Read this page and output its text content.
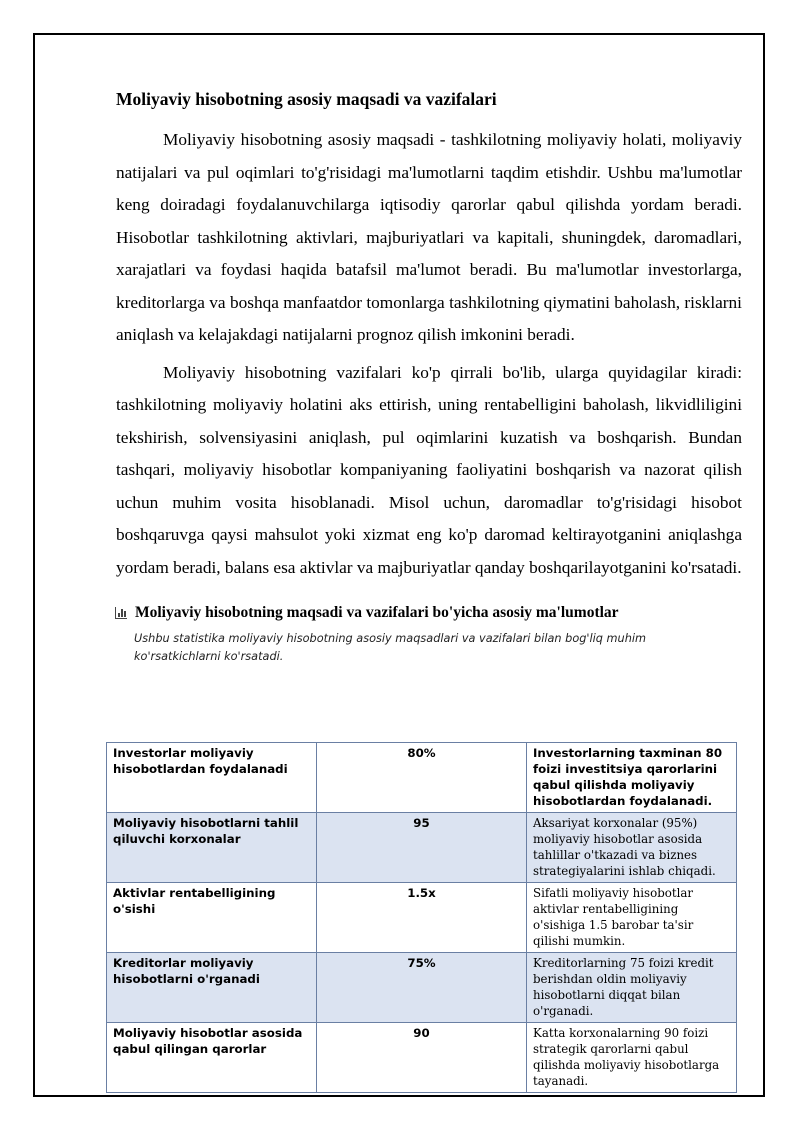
Moliyaviy hisobotning asosiy maqsadi va vazifalari

Moliyaviy hisobotning asosiy maqsadi - tashkilotning moliyaviy holati, moliyaviy natijalari va pul oqimlari to'g'risidagi ma'lumotlarni taqdim etishdir. Ushbu ma'lumotlar keng doiradagi foydalanuvchilarga iqtisodiy qarorlar qabul qilishda yordam beradi. Hisobotlar tashkilotning aktivlari, majburiyatlari va kapitali, shuningdek, daromadlari, xarajatlari va foydasi haqida batafsil ma'lumot beradi. Bu ma'lumotlar investorlarga, kreditorlarga va boshqa manfaatdor tomonlarga tashkilotning qiymatini baholash, risklarni aniqlash va kelajakdagi natijalarni prognoz qilish imkonini beradi.

Moliyaviy hisobotning vazifalari ko'p qirrali bo'lib, ularga quyidagilar kiradi: tashkilotning moliyaviy holatini aks ettirish, uning rentabelligini baholash, likvidliligini tekshirish, solvensiyasini aniqlash, pul oqimlarini kuzatish va boshqarish. Bundan tashqari, moliyaviy hisobotlar kompaniyaning faoliyatini boshqarish va nazorat qilish uchun muhim vosita hisoblanadi. Misol uchun, daromadlar to'g'risidagi hisobot boshqaruvga qaysi mahsulot yoki xizmat eng ko'p daromad keltirayotganini aniqlashga yordam beradi, balans esa aktivlar va majburiyatlar qanday boshqarilayotganini ko'rsatadi.

Moliyaviy hisobotning maqsadi va vazifalari bo'yicha asosiy ma'lumotlar
Ushbu statistika moliyaviy hisobotning asosiy maqsadlari va vazifalari bilan bog'liq muhim ko'rsatkichlarni ko'rsatadi.
Investorlar moliyaviy hisobotlardan foydalanadi	80%	Investorlarning taxminan 80 foizi investitsiya qarorlarini qabul qilishda moliyaviy hisobotlardan foydalanadi.
Moliyaviy hisobotlarni tahlil qiluvchi korxonalar	95	Aksariyat korxonalar (95%) moliyaviy hisobotlar asosida tahlillar o'tkazadi va biznes strategiyalarini ishlab chiqadi.
Aktivlar rentabelligining o'sishi	1.5x	Sifatli moliyaviy hisobotlar aktivlar rentabelligining o'sishiga 1.5 barobar ta'sir qilishi mumkin.
Kreditorlar moliyaviy hisobotlarni o'rganadi	75%	Kreditorlarning 75 foizi kredit berishdan oldin moliyaviy hisobotlarni diqqat bilan o'rganadi.
Moliyaviy hisobotlar asosida qabul qilingan qarorlar	90	Katta korxonalarning 90 foizi strategik qarorlarni qabul qilishda moliyaviy hisobotlarga tayanadi.
